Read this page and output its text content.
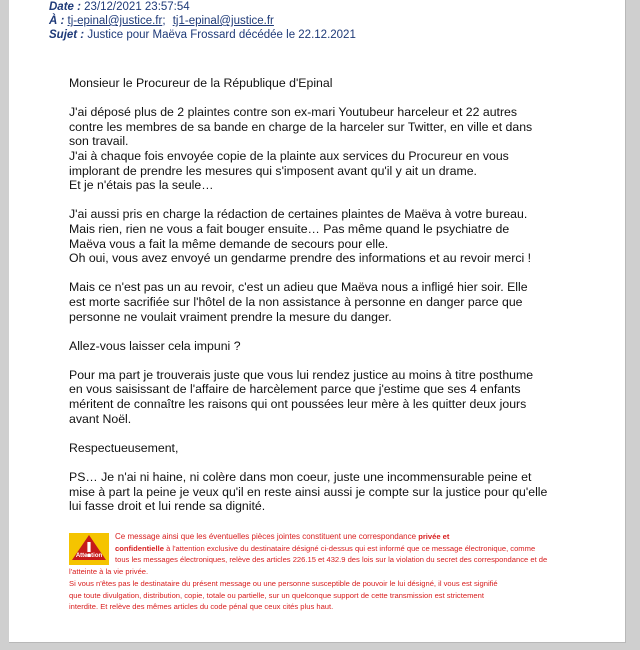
Date : 23/12/2021 23:57:54
À : tj-epinal@justice.fr; tj1-epinal@justice.fr
Sujet : Justice pour Maëva Frossard décédée le 22.12.2021

Monsieur le Procureur de la République d'Epinal

J'ai déposé plus de 2 plaintes contre son ex-mari Youtubeur harceleur et 22 autres

contre les membres de sa bande en charge de la harceler sur Twitter, en ville et dans

son travail.

J'ai à chaque fois envoyée copie de la plainte aux services du Procureur en vous

implorant de prendre les mesures qui s'imposent avant qu'il y ait un drame.

Et je n'étais pas la seule…

J'ai aussi pris en charge la rédaction de certaines plaintes de Maëva à votre bureau.

Mais rien, rien ne vous a fait bouger ensuite… Pas même quand le psychiatre de

Maëva vous a fait la même demande de secours pour elle.

Oh oui, vous avez envoyé un gendarme prendre des informations et au revoir merci !

Mais ce n'est pas un au revoir, c'est un adieu que Maëva nous a infligé hier soir. Elle

est morte sacrifiée sur l'hôtel de la non assistance à personne en danger parce que

personne ne voulait vraiment prendre la mesure du danger.

Allez-vous laisser cela impuni ?

Pour ma part je trouverais juste que vous lui rendez justice au moins à titre posthume

en vous saisissant de l'affaire de harcèlement parce que j'estime que ses 4 enfants

méritent de connaître les raisons qui ont poussées leur mère à les quitter deux jours

avant Noël.

Respectueusement,

PS… Je n'ai ni haine, ni colère dans mon coeur, juste une incommensurable peine et

mise à part la peine je veux qu'il en reste ainsi aussi je compte sur la justice pour qu'elle

lui fasse droit et lui rende sa dignité.

Attention
Ce message ainsi que les éventuelles pièces jointes constituent une correspondance privée et
confidentielle à l'attention exclusive du destinataire désigné ci-dessus qui est informé que ce message électronique, comme
tous les messages électroniques, relève des articles 226.15 et 432.9 des lois sur la violation du secret des correspondance et de
l'atteinte à la vie privée.
Si vous n'êtes pas le destinataire du présent message ou une personne susceptible de pouvoir le lui désigné, il vous est signifié
que toute divulgation, distribution, copie, totale ou partielle, sur un quelconque support de cette transmission est strictement
interdite. Et relève des mêmes articles du code pénal que ceux cités plus haut.
